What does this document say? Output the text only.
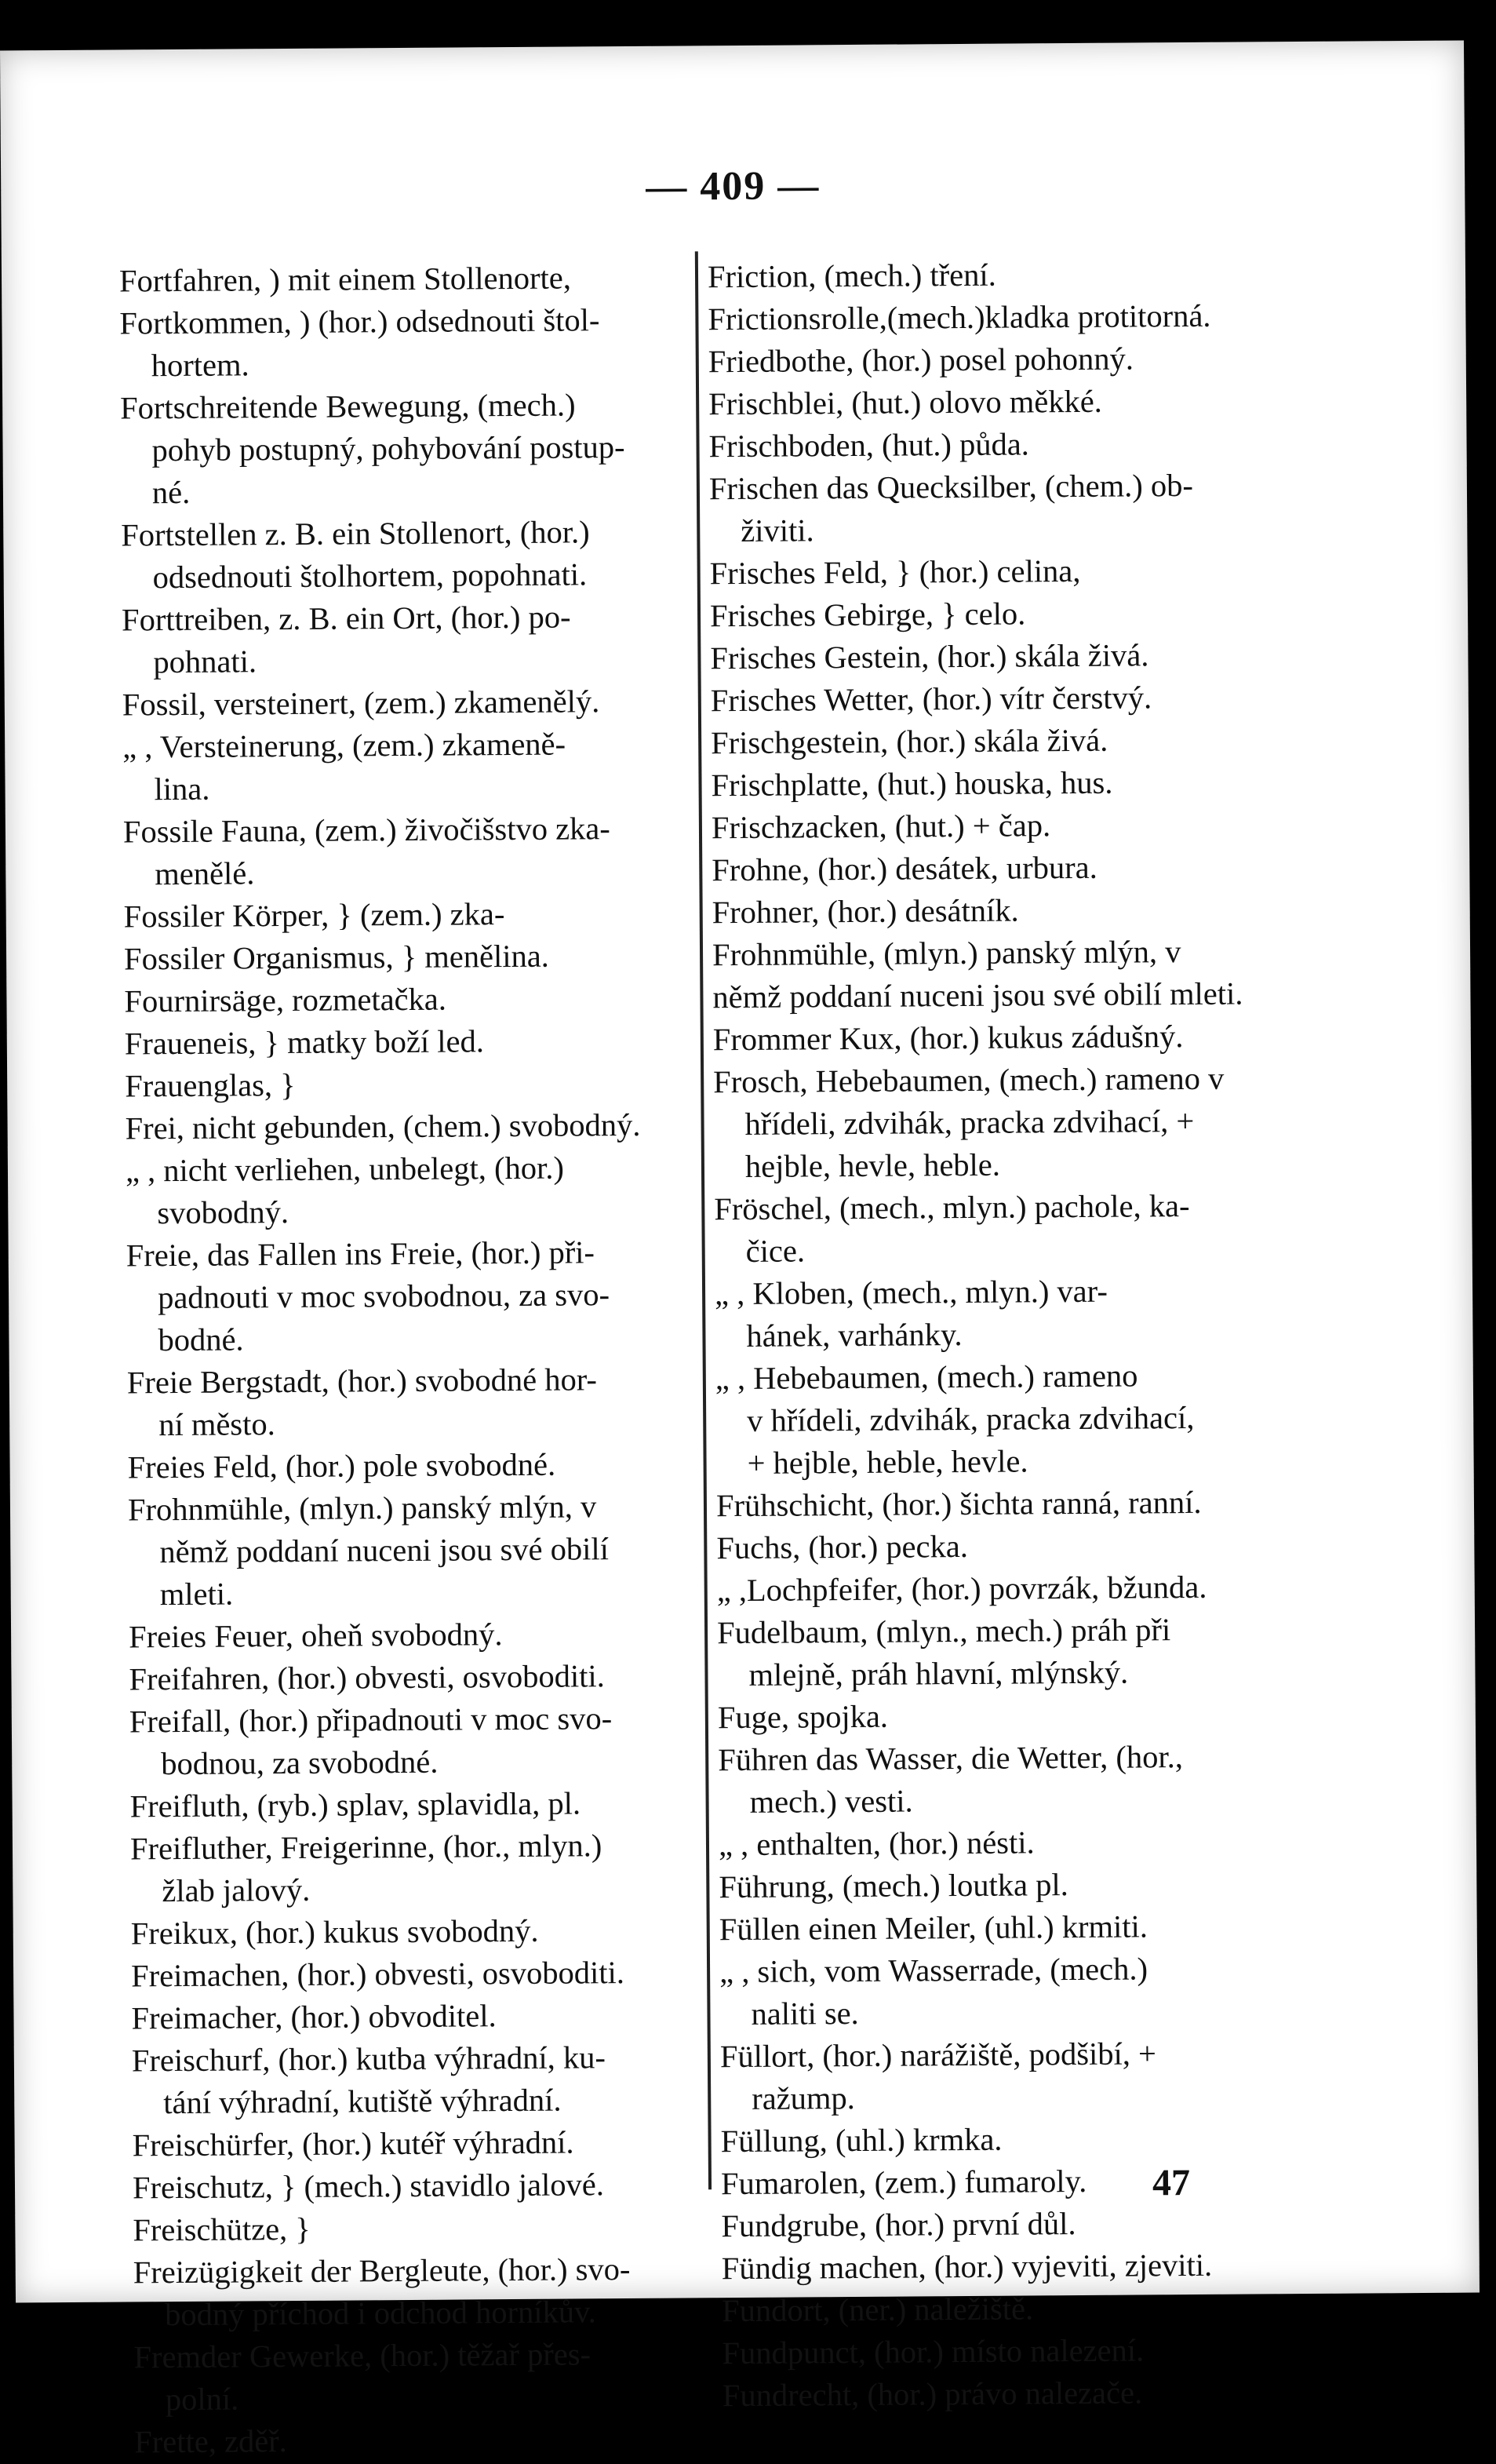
— 409 —
Fortfahren, ) mit einem Stollenorte,
Fortkommen, ) (hor.) odsednouti štol-
hortem.
Fortschreitende Bewegung, (mech.)
pohyb postupný, pohybování postup-
né.
Fortstellen z. B. ein Stollenort, (hor.)
odsednouti štolhortem, popohnati.
Forttreiben, z. B. ein Ort, (hor.) po-
pohnati.
Fossil, versteinert, (zem.) zkamenělý.
„ , Versteinerung, (zem.) zkameně-
lina.
Fossile Fauna, (zem.) živočišstvo zka-
menělé.
Fossiler Körper, } (zem.) zka-
Fossiler Organismus, } menělina.
Fournirsäge, rozmetačka.
Fraueneis, } matky boží led.
Frauenglas, }
Frei, nicht gebunden, (chem.) svobodný.
„ , nicht verliehen, unbelegt, (hor.)
svobodný.
Freie, das Fallen ins Freie, (hor.) při-
padnouti v moc svobodnou, za svo-
bodné.
Freie Bergstadt, (hor.) svobodné hor-
ní město.
Freies Feld, (hor.) pole svobodné.
Frohnmühle, (mlyn.) panský mlýn, v
němž poddaní nuceni jsou své obilí
mleti.
Freies Feuer, oheň svobodný.
Freifahren, (hor.) obvesti, osvoboditi.
Freifall, (hor.) připadnouti v moc svo-
bodnou, za svobodné.
Freifluth, (ryb.) splav, splavidla, pl.
Freifluther, Freigerinne, (hor., mlyn.)
žlab jalový.
Freikux, (hor.) kukus svobodný.
Freimachen, (hor.) obvesti, osvoboditi.
Freimacher, (hor.) obvoditel.
Freischurf, (hor.) kutba výhradní, ku-
tání výhradní, kutiště výhradní.
Freischürfer, (hor.) kutéř výhradní.
Freischutz, } (mech.) stavidlo jalové.
Freischütze, }
Freizügigkeit der Bergleute, (hor.) svo-
bodný příchod i odchod horníkův.
Fremder Gewerke, (hor.) těžař přes-
polní.
Frette, zděř.
Friction, (mech.) tření.
Frictionsrolle,(mech.)kladka protitorná.
Friedbothe, (hor.) posel pohonný.
Frischblei, (hut.) olovo měkké.
Frischboden, (hut.) půda.
Frischen das Quecksilber, (chem.) ob-
živiti.
Frisches Feld, } (hor.) celina,
Frisches Gebirge, } celo.
Frisches Gestein, (hor.) skála živá.
Frisches Wetter, (hor.) vítr čerstvý.
Frischgestein, (hor.) skála živá.
Frischplatte, (hut.) houska, hus.
Frischzacken, (hut.) + čap.
Frohne, (hor.) desátek, urbura.
Frohner, (hor.) desátník.
Frohnmühle, (mlyn.) panský mlýn, v
němž poddaní nuceni jsou své obilí mleti.
Frommer Kux, (hor.) kukus zádušný.
Frosch, Hebebaumen, (mech.) rameno v
hřídeli, zdvihák, pracka zdvihací, +
hejble, hevle, heble.
Fröschel, (mech., mlyn.) pachole, ka-
čice.
„ , Kloben, (mech., mlyn.) var-
hánek, varhánky.
„ , Hebebaumen, (mech.) rameno
v hřídeli, zdvihák, pracka zdvihací,
+ hejble, heble, hevle.
Frühschicht, (hor.) šichta ranná, ranní.
Fuchs, (hor.) pecka.
„ ,Lochpfeifer, (hor.) povrzák, bžunda.
Fudelbaum, (mlyn., mech.) práh při
mlejně, práh hlavní, mlýnský.
Fuge, spojka.
Führen das Wasser, die Wetter, (hor.,
mech.) vesti.
„ , enthalten, (hor.) nésti.
Führung, (mech.) loutka pl.
Füllen einen Meiler, (uhl.) krmiti.
„ , sich, vom Wasserrade, (mech.)
naliti se.
Füllort, (hor.) narážiště, podšibí, +
ražump.
Füllung, (uhl.) krmka.
Fumarolen, (zem.) fumaroly.
Fundgrube, (hor.) první důl.
Fündig machen, (hor.) vyjeviti, zjeviti.
Fundort, (ner.) naležiště.
Fundpunct, (hor.) místo nalezení.
Fundrecht, (hor.) právo nalezače.
47
